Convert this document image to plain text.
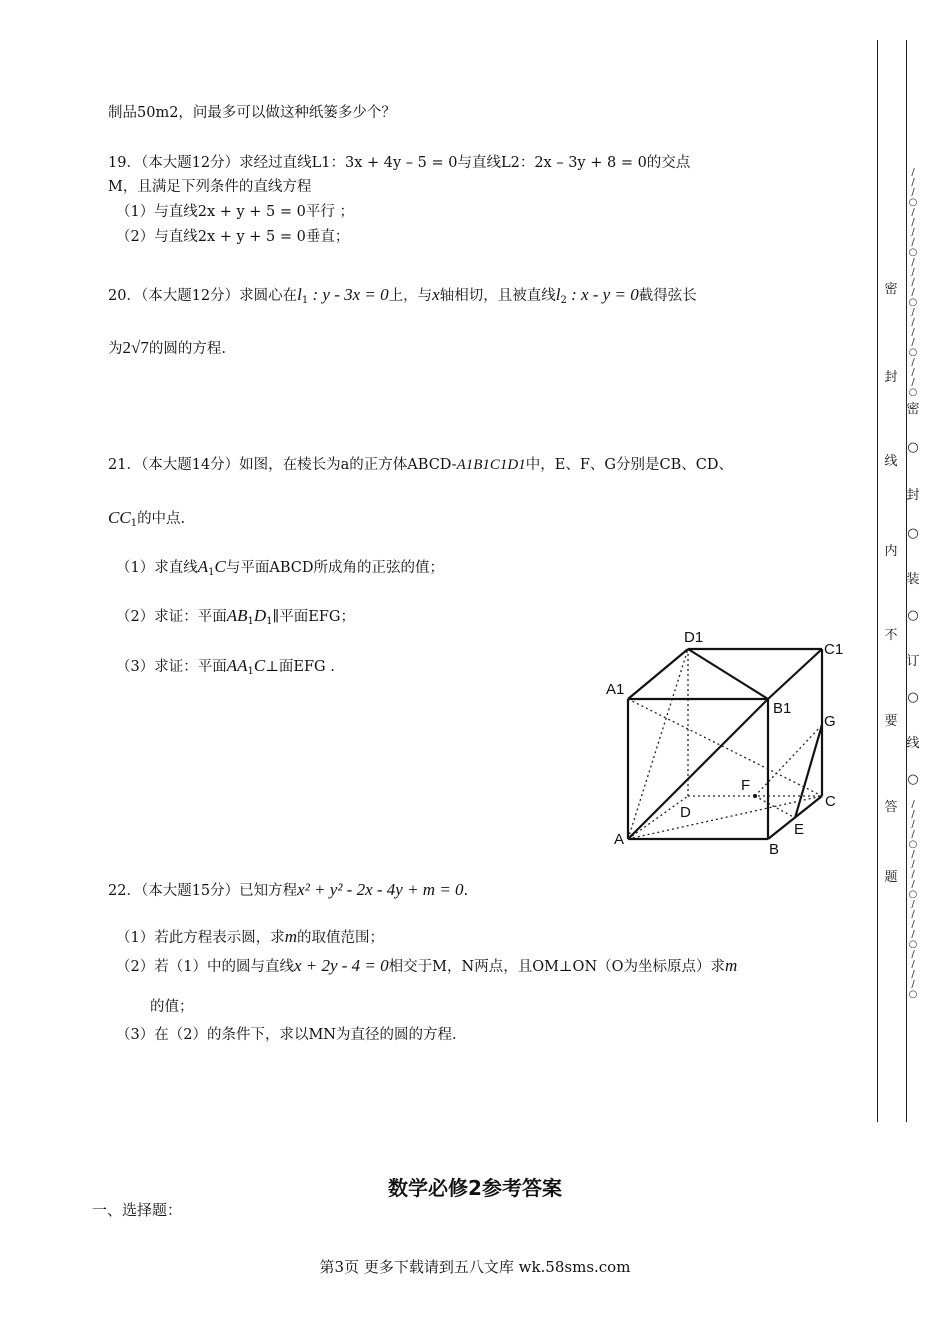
制品50m2，问最多可以做这种纸篓多少个？
19．（本大题12分）求经过直线L1：3x + 4y – 5 = 0与直线L2：2x – 3y + 8 = 0的交点
M，且满足下列条件的直线方程
（1）与直线2x + y + 5 = 0平行 ；
（2）与直线2x + y + 5 = 0垂直；
20．（本大题12分）求圆心在$l_1$ : y - 3x = 0上，与x轴相切，且被直线$l_2$ : x - y = 0截得弦长
为2√7的圆的方程.
21．（本大题14分）如图，在棱长为a的正方体ABCD-A1B1C1D1中，E、F、G分别是CB、CD、
$CC_1$的中点.
（1）求直线$A_1C$与平面ABCD所成角的正弦的值；
（2）求证：平面$AB_1D_1\parallel$平面EFG；
（3）求证：平面$AA_1C\perp$面EFG .
D1
C1
A1
B1
G
F
C
D
E
A
B
22．（本大题15分）已知方程x² + y² - 2x - 4y + m = 0.
（1）若此方程表示圆，求m的取值范围；
（2）若（1）中的圆与直线x + 2y - 4 = 0相交于M，N两点，且OM⊥ON（O为坐标原点）求m
的值；
（3）在（2）的条件下，求以MN为直径的圆的方程.
数学必修2参考答案
一、选择题：
第3页 更多下载请到五八文库 wk.58sms.com
密
封
线
内
不
要
答
题
/
/
/
○
/
/
/
/
○
/
/
/
/
○
/
/
/
/
○
/
/
/
○
密
○
封
○
装
○
订
○
线
○
/
/
/
/
○
/
/
/
/
○
/
/
/
/
○
/
/
/
/
○
